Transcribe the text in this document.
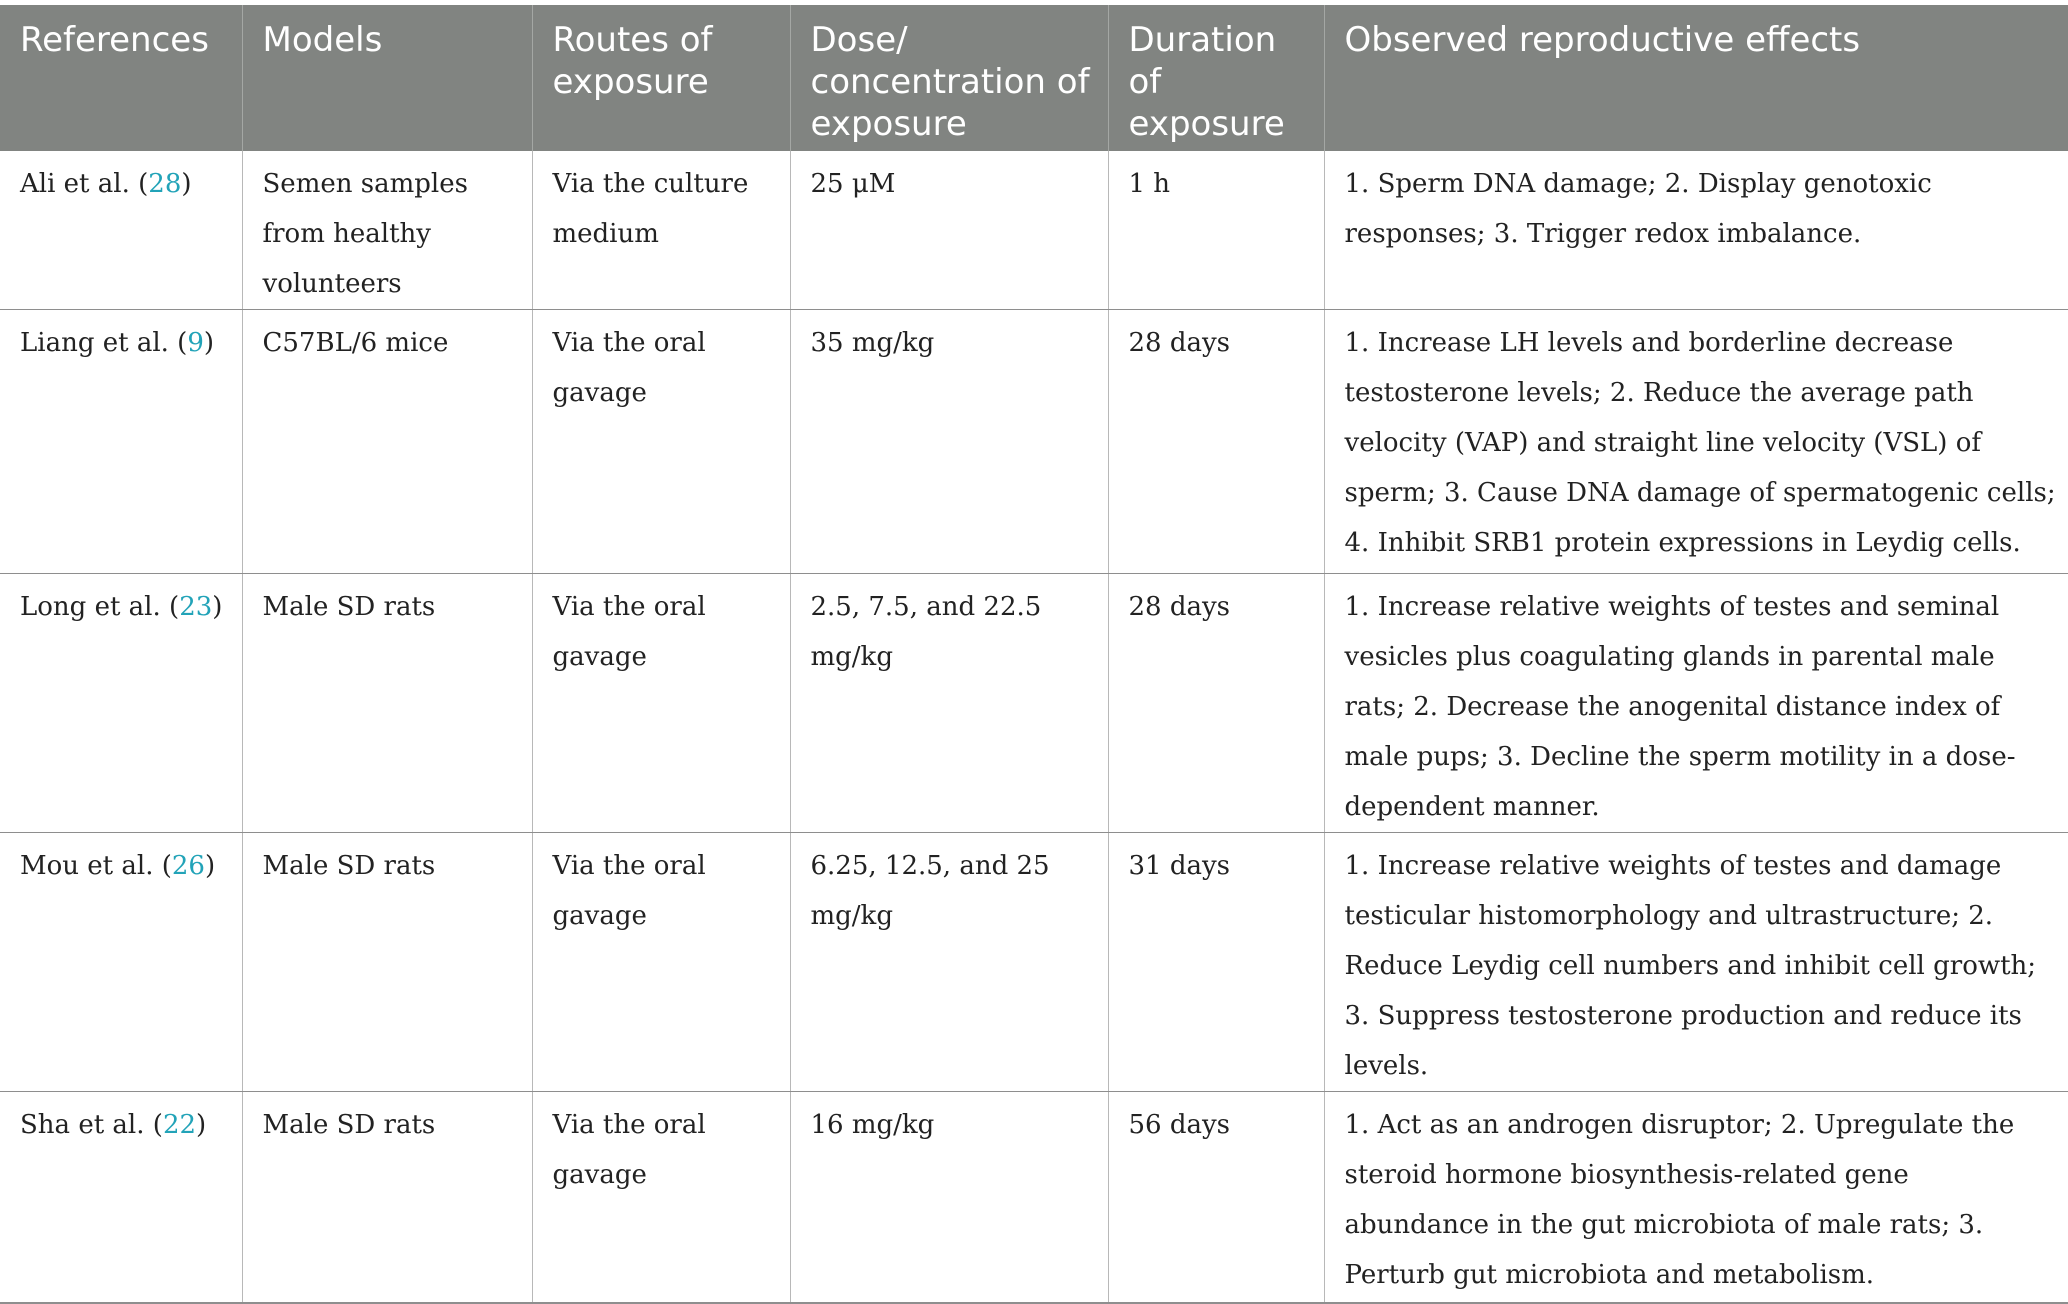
References	Models	Routes of exposure	Dose/ concentration of exposure	Duration of exposure	Observed reproductive effects
Ali et al. (28)	Semen samples from healthy volunteers	Via the culture medium	25 μM	1 h	1. Sperm DNA damage; 2. Display genotoxic responses; 3. Trigger redox imbalance.
Liang et al. (9)	C57BL/6 mice	Via the oral gavage	35 mg/kg	28 days	1. Increase LH levels and borderline decrease testosterone levels; 2. Reduce the average path velocity (VAP) and straight line velocity (VSL) of sperm; 3. Cause DNA damage of spermatogenic cells; 4. Inhibit SRB1 protein expressions in Leydig cells.
Long et al. (23)	Male SD rats	Via the oral gavage	2.5, 7.5, and 22.5 mg/kg	28 days	1. Increase relative weights of testes and seminal vesicles plus coagulating glands in parental male rats; 2. Decrease the anogenital distance index of male pups; 3. Decline the sperm motility in a dose-dependent manner.
Mou et al. (26)	Male SD rats	Via the oral gavage	6.25, 12.5, and 25 mg/kg	31 days	1. Increase relative weights of testes and damage testicular histomorphology and ultrastructure; 2. Reduce Leydig cell numbers and inhibit cell growth; 3. Suppress testosterone production and reduce its levels.
Sha et al. (22)	Male SD rats	Via the oral gavage	16 mg/kg	56 days	1. Act as an androgen disruptor; 2. Upregulate the steroid hormone biosynthesis-related gene abundance in the gut microbiota of male rats; 3. Perturb gut microbiota and metabolism.
